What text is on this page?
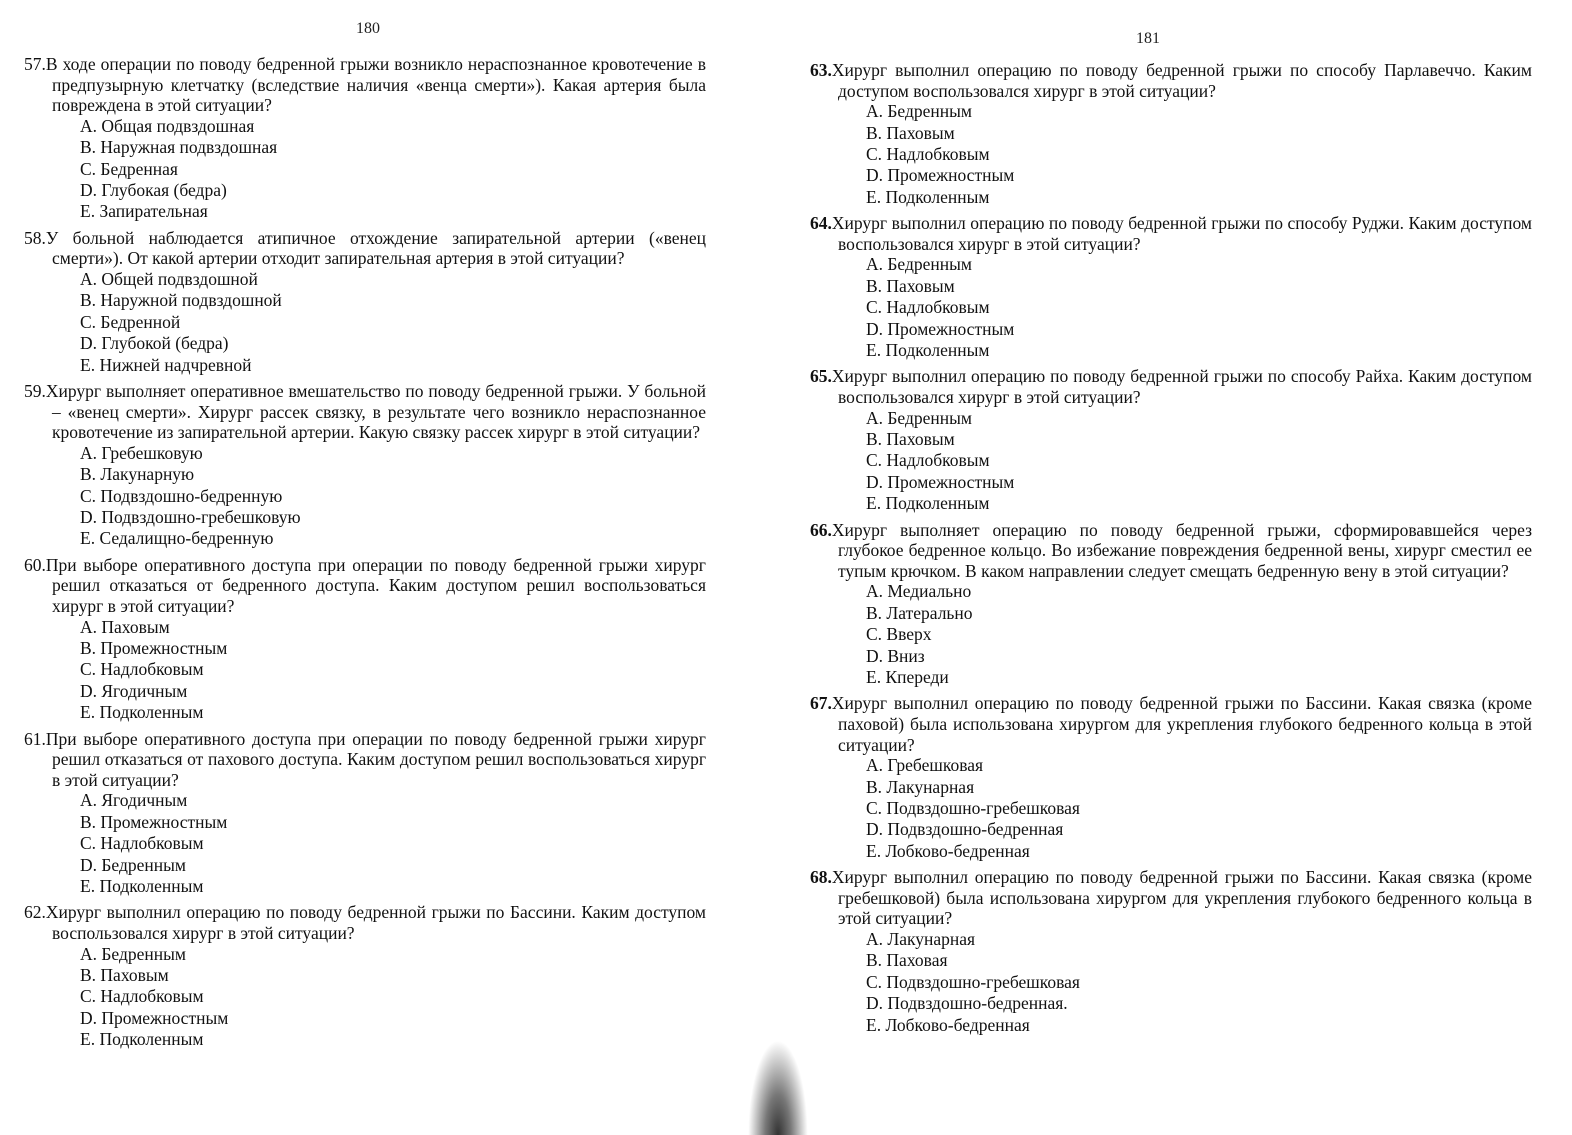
180
57.В ходе операции по поводу бедренной грыжи возникло нераспознанное кровотечение в предпузырную клетчатку (вследствие наличия «венца смерти»). Какая артерия была повреждена в этой ситуации?
A. Общая подвздошная
B. Наружная подвздошная
C. Бедренная
D. Глубокая (бедра)
E. Запирательная
58.У больной наблюдается атипичное отхождение запирательной артерии («венец смерти»). От какой артерии отходит запирательная артерия в этой ситуации?
A. Общей подвздошной
B. Наружной подвздошной
C. Бедренной
D. Глубокой (бедра)
E. Нижней надчревной
59.Хирург выполняет оперативное вмешательство по поводу бедренной грыжи. У больной – «венец смерти». Хирург рассек связку, в результате чего возникло нераспознанное кровотечение из запирательной артерии. Какую связку рассек хирург в этой ситуации?
A. Гребешковую
B. Лакунарную
C. Подвздошно-бедренную
D. Подвздошно-гребешковую
E. Седалищно-бедренную
60.При выборе оперативного доступа при операции по поводу бедренной грыжи хирург решил отказаться от бедренного доступа. Каким доступом решил воспользоваться хирург в этой ситуации?
A. Паховым
B. Промежностным
C. Надлобковым
D. Ягодичным
E. Подколенным
61.При выборе оперативного доступа при операции по поводу бедренной грыжи хирург решил отказаться от пахового доступа. Каким доступом решил воспользоваться хирург в этой ситуации?
A. Ягодичным
B. Промежностным
C. Надлобковым
D. Бедренным
E. Подколенным
62.Хирург выполнил операцию по поводу бедренной грыжи по Бассини. Каким доступом воспользовался хирург в этой ситуации?
A. Бедренным
B. Паховым
C. Надлобковым
D. Промежностным
E. Подколенным
181
63.Хирург выполнил операцию по поводу бедренной грыжи по способу Парлавеччо. Каким доступом воспользовался хирург в этой ситуации?
A. Бедренным
B. Паховым
C. Надлобковым
D. Промежностным
E. Подколенным
64.Хирург выполнил операцию по поводу бедренной грыжи по способу Руджи. Каким доступом воспользовался хирург в этой ситуации?
A. Бедренным
B. Паховым
C. Надлобковым
D. Промежностным
E. Подколенным
65.Хирург выполнил операцию по поводу бедренной грыжи по способу Райха. Каким доступом воспользовался хирург в этой ситуации?
A. Бедренным
B. Паховым
C. Надлобковым
D. Промежностным
E. Подколенным
66.Хирург выполняет операцию по поводу бедренной грыжи, сформировавшейся через глубокое бедренное кольцо. Во избежание повреждения бедренной вены, хирург сместил ее тупым крючком. В каком направлении следует смещать бедренную вену в этой ситуации?
A. Медиально
B. Латерально
C. Вверх
D. Вниз
E. Кпереди
67.Хирург выполнил операцию по поводу бедренной грыжи по Бассини. Какая связка (кроме паховой) была использована хирургом для укрепления глубокого бедренного кольца в этой ситуации?
A. Гребешковая
B. Лакунарная
C. Подвздошно-гребешковая
D. Подвздошно-бедренная
E. Лобково-бедренная
68.Хирург выполнил операцию по поводу бедренной грыжи по Бассини. Какая связка (кроме гребешковой) была использована хирургом для укрепления глубокого бедренного кольца в этой ситуации?
A. Лакунарная
B. Паховая
C. Подвздошно-гребешковая
D. Подвздошно-бедренная.
E. Лобково-бедренная
